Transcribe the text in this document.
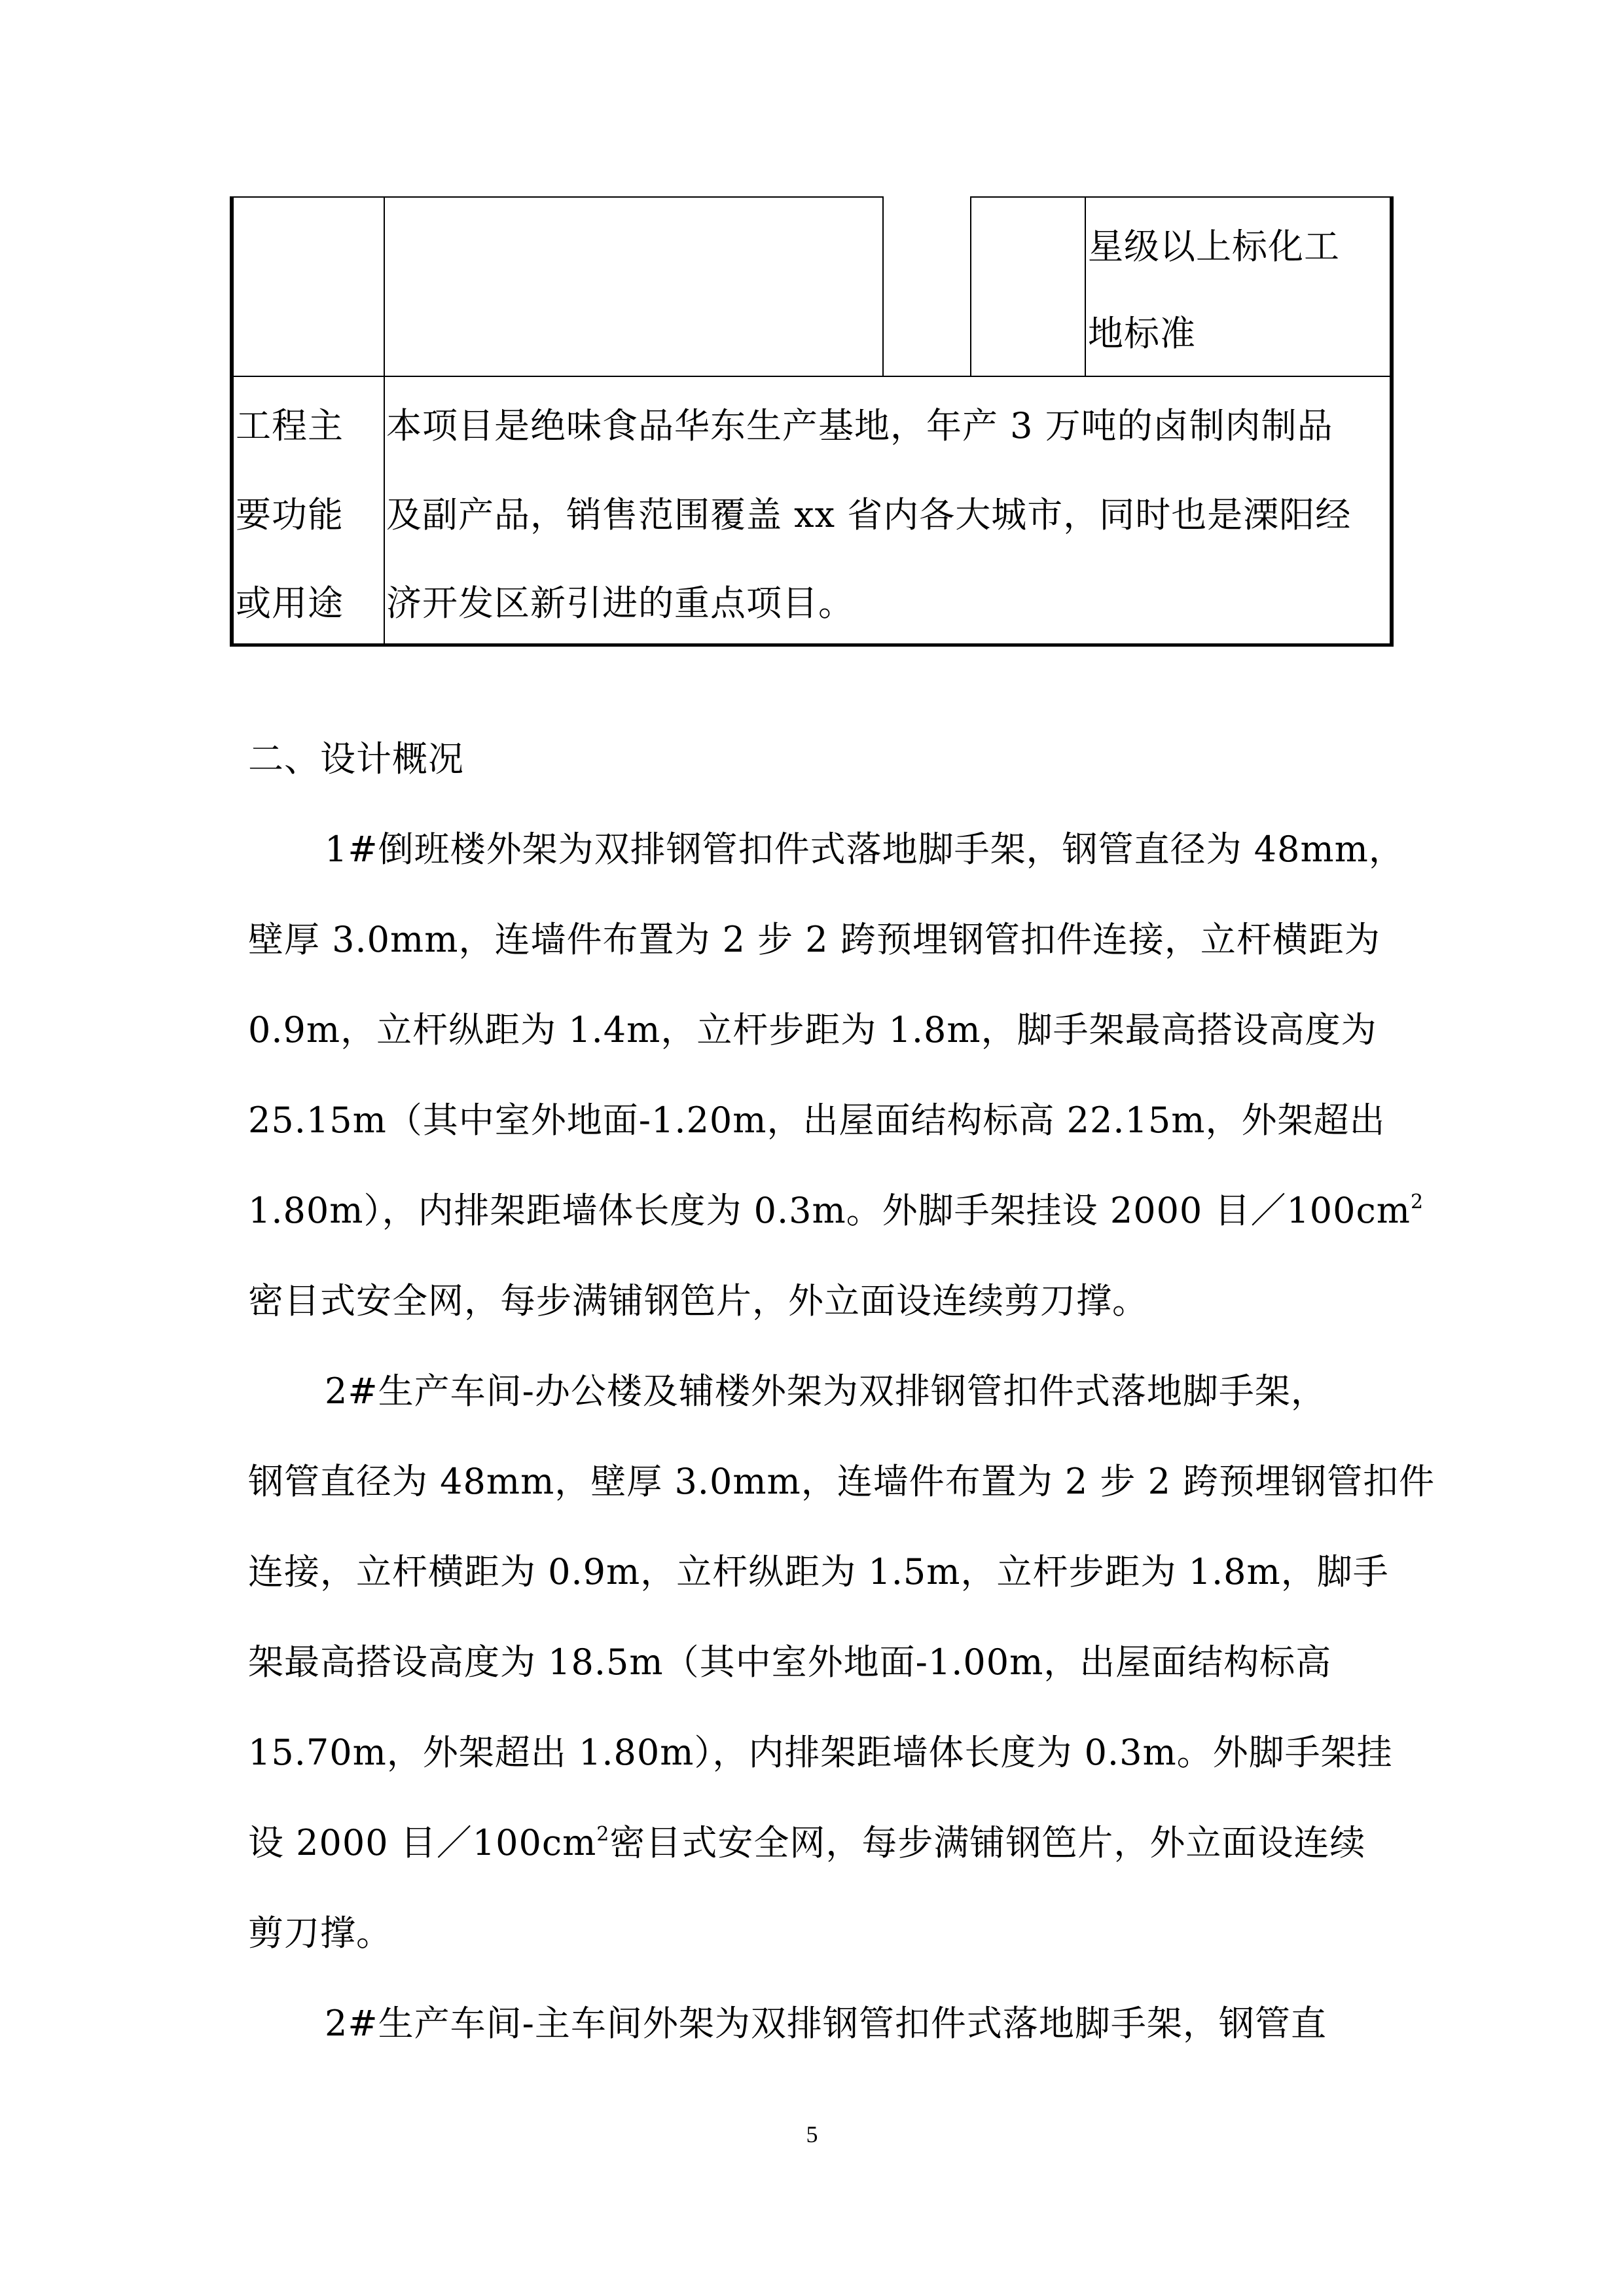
星级以上标化工
地标准
工程主
要功能
或用途
本项目是绝味食品华东生产基地，年产 3 万吨的卤制肉制品
及副产品，销售范围覆盖 xx 省内各大城市，同时也是溧阳经
济开发区新引进的重点项目。
二、设计概况
1#倒班楼外架为双排钢管扣件式落地脚手架，钢管直径为 48mm，
壁厚 3.0mm，连墙件布置为 2 步 2 跨预埋钢管扣件连接，立杆横距为
0.9m，立杆纵距为 1.4m，立杆步距为 1.8m，脚手架最高搭设高度为
25.15m（其中室外地面-1.20m，出屋面结构标高 22.15m，外架超出
1.80m），内排架距墙体长度为 0.3m。外脚手架挂设 2000 目$/100cm^2$
密目式安全网，每步满铺钢笆片，外立面设连续剪刀撑。
2#生产车间-办公楼及辅楼外架为双排钢管扣件式落地脚手架，
钢管直径为 48mm，壁厚 3.0mm，连墙件布置为 2 步 2 跨预埋钢管扣件
连接，立杆横距为 0.9m，立杆纵距为 1.5m，立杆步距为 1.8m，脚手
架最高搭设高度为 18.5m（其中室外地面-1.00m，出屋面结构标高
15.70m，外架超出 1.80m），内排架距墙体长度为 0.3m。外脚手架挂
设 2000 目$/100cm^2$密目式安全网，每步满铺钢笆片，外立面设连续
剪刀撑。
2#生产车间-主车间外架为双排钢管扣件式落地脚手架，钢管直
5
